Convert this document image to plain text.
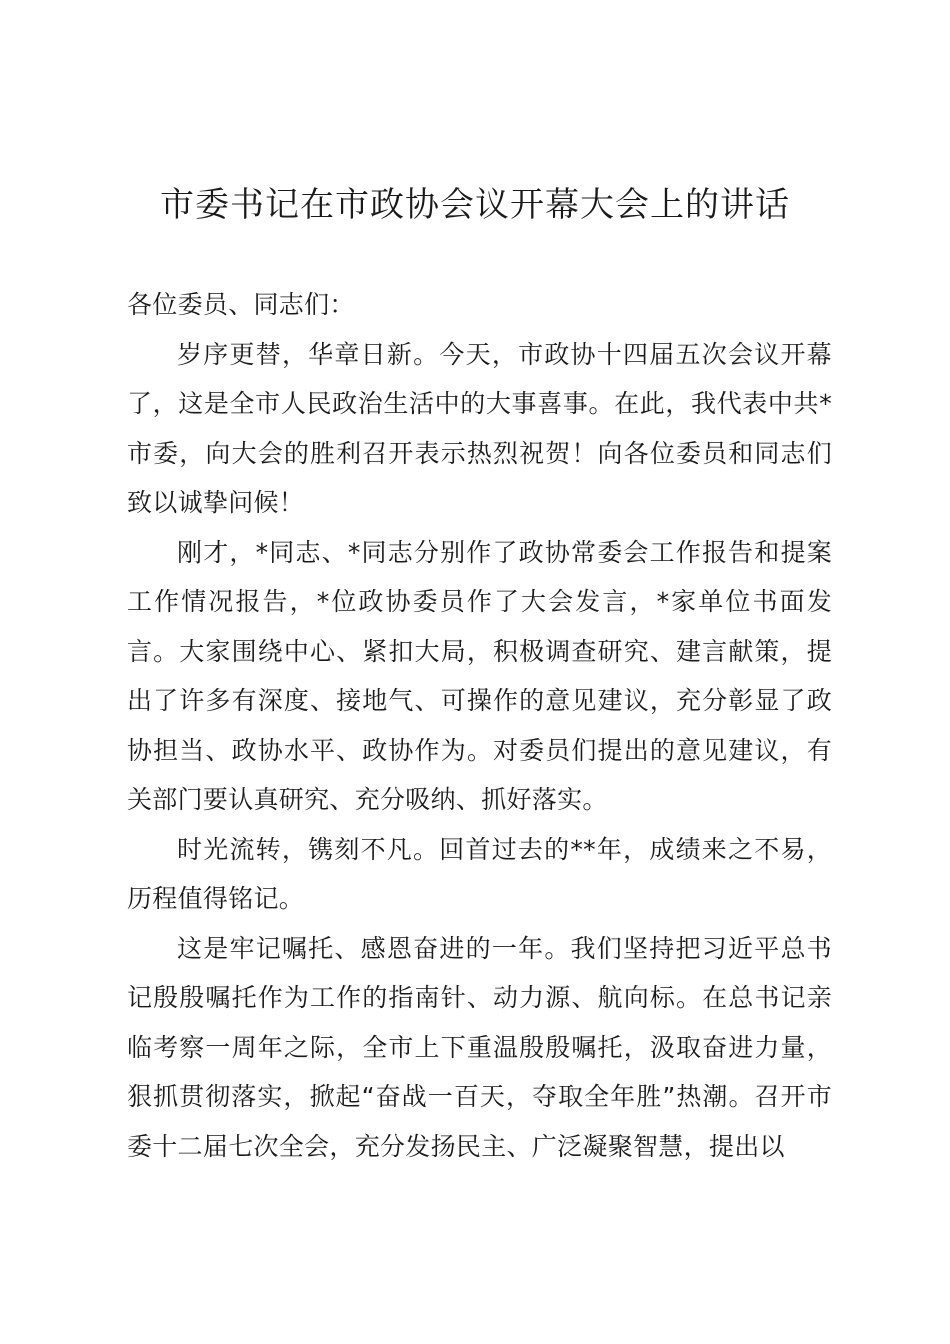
市委书记在市政协会议开幕大会上的讲话

各位委员、同志们：

岁序更替，华章日新。今天，市政协十四届五次会议开幕了，这是全市人民政治生活中的大事喜事。在此，我代表中共*市委，向大会的胜利召开表示热烈祝贺！向各位委员和同志们致以诚挚问候！

刚才，*同志、*同志分别作了政协常委会工作报告和提案工作情况报告，*位政协委员作了大会发言，*家单位书面发言。大家围绕中心、紧扣大局，积极调查研究、建言献策，提出了许多有深度、接地气、可操作的意见建议，充分彰显了政协担当、政协水平、政协作为。对委员们提出的意见建议，有关部门要认真研究、充分吸纳、抓好落实。

时光流转，镌刻不凡。回首过去的**年，成绩来之不易，历程值得铭记。

这是牢记嘱托、感恩奋进的一年。我们坚持把习近平总书记殷殷嘱托作为工作的指南针、动力源、航向标。在总书记亲临考察一周年之际，全市上下重温殷殷嘱托，汲取奋进力量，狠抓贯彻落实，掀起“奋战一百天，夺取全年胜”热潮。召开市委十二届七次全会，充分发扬民主、广泛凝聚智慧，提出以
